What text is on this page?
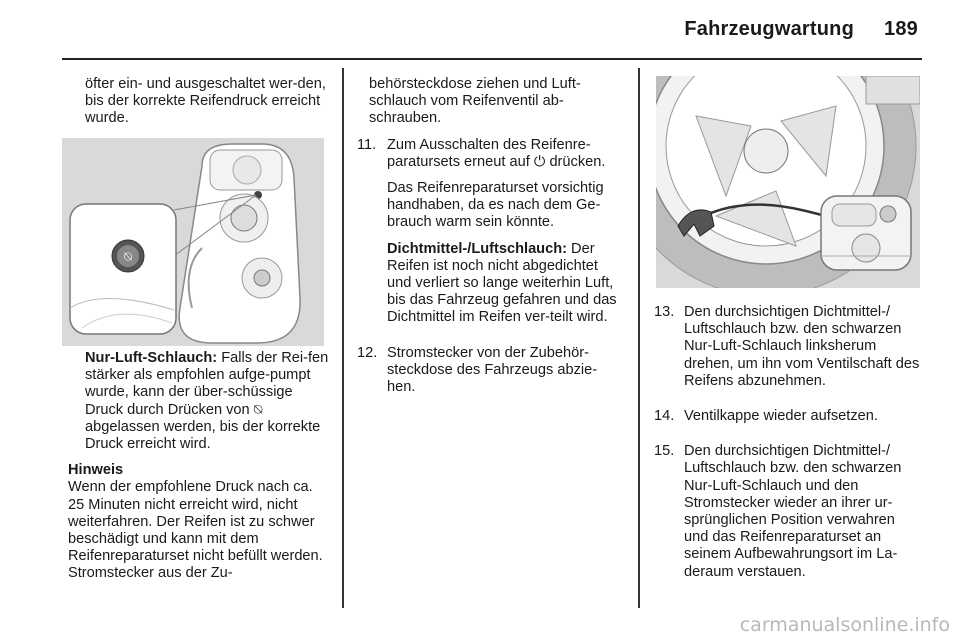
Fahrzeugwartung 189

öfter ein- und ausgeschaltet wer-den, bis der korrekte Reifendruck erreicht wurde.

⍉

Nur-Luft-Schlauch: Falls der Rei-fen stärker als empfohlen aufge-pumpt wurde, kann der über-schüssige Druck durch Drücken von ⍉ abgelassen werden, bis der korrekte Druck erreicht wird.

Hinweis

Wenn der empfohlene Druck nach ca. 25 Minuten nicht erreicht wird, nicht weiterfahren. Der Reifen ist zu schwer beschädigt und kann mit dem Reifenreparaturset nicht befüllt werden. Stromstecker aus der Zu-

behörsteckdose ziehen und Luft-schlauch vom Reifenventil ab-schrauben.

11. Zum Ausschalten des Reifenre-paratursets erneut auf ⏻ drücken.

Das Reifenreparaturset vorsichtig handhaben, da es nach dem Ge-brauch warm sein könnte.

Dichtmittel-/Luftschlauch: Der Reifen ist noch nicht abgedichtet und verliert so lange weiterhin Luft, bis das Fahrzeug gefahren und das Dichtmittel im Reifen ver-teilt wird.

12. Stromstecker von der Zubehör-steckdose des Fahrzeugs abzie-hen.

13. Den durchsichtigen Dichtmittel-/ Luftschlauch bzw. den schwarzen Nur-Luft-Schlauch linksherum drehen, um ihn vom Ventilschaft des Reifens abzunehmen.

14. Ventilkappe wieder aufsetzen.

15. Den durchsichtigen Dichtmittel-/ Luftschlauch bzw. den schwarzen Nur-Luft-Schlauch und den Stromstecker wieder an ihrer ur-sprünglichen Position verwahren und das Reifenreparaturset an seinem Aufbewahrungsort im La-deraum verstauen.

carmanualsonline.info
